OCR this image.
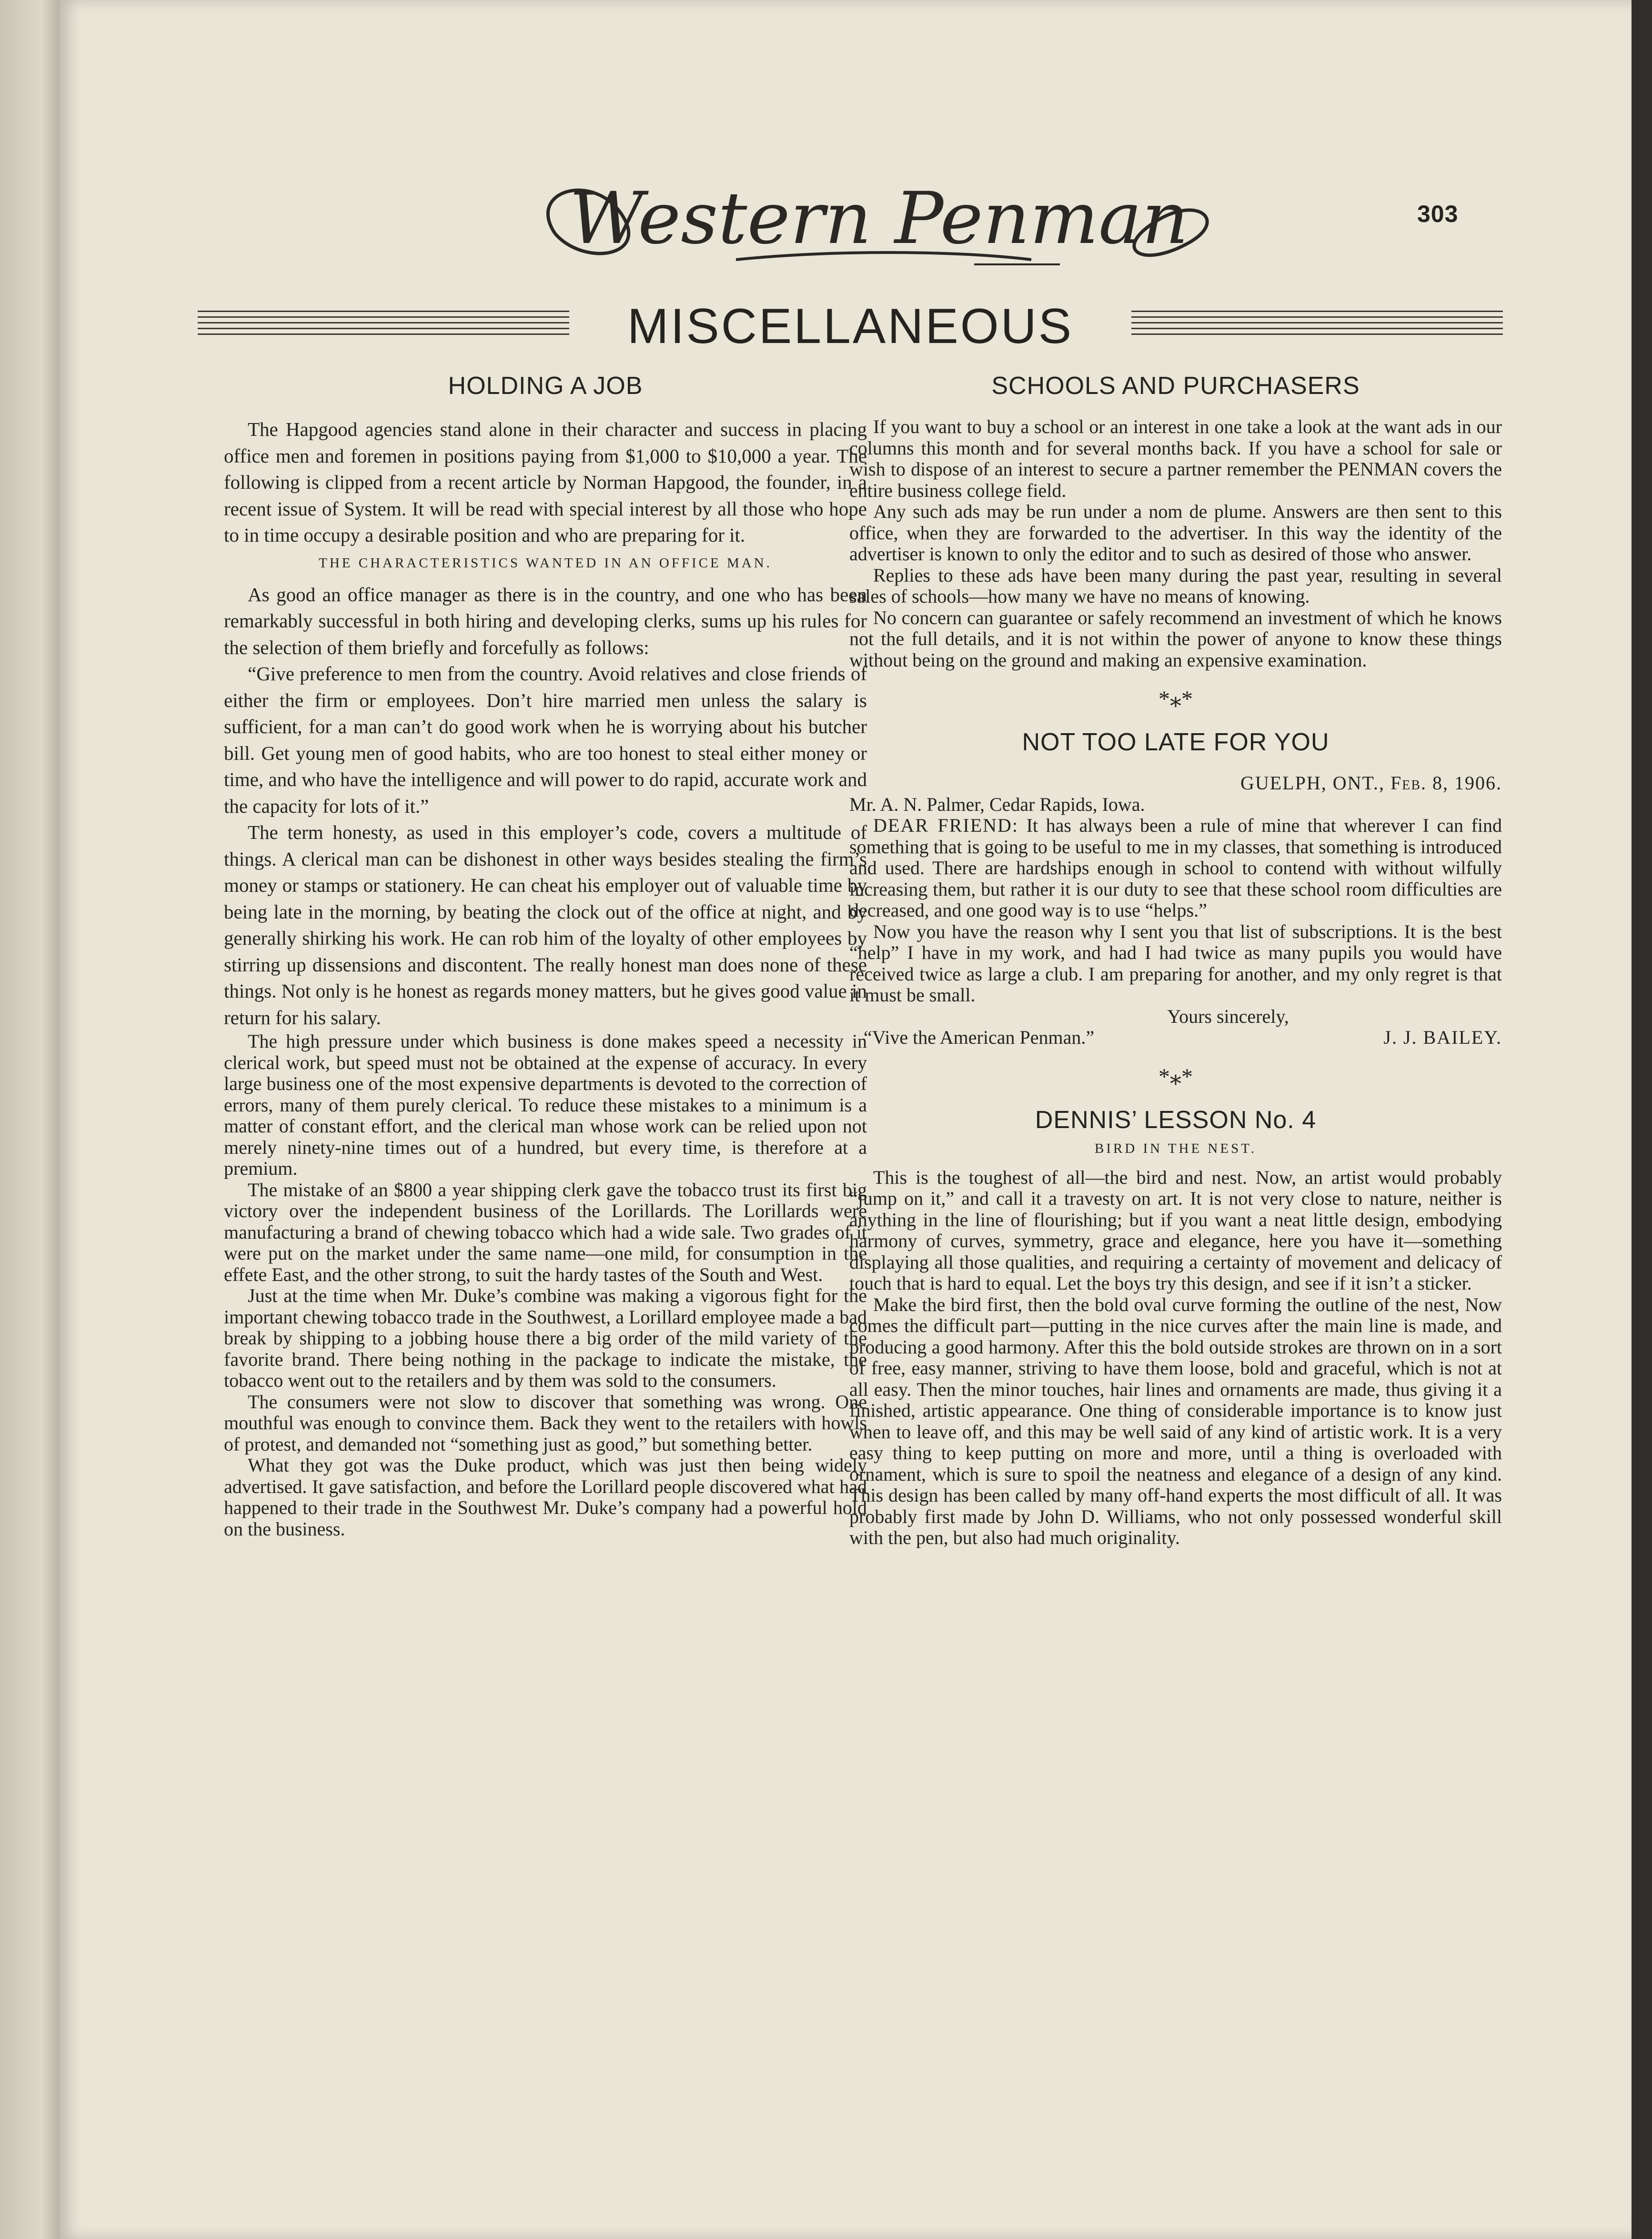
Western Penman	303
MISCELLANEOUS
HOLDING A JOB

The Hapgood agencies stand alone in their character and success in placing office men and foremen in positions paying from $1,000 to $10,000 a year. The following is clipped from a recent article by Norman Hapgood, the founder, in a recent issue of System. It will be read with special interest by all those who hope to in time occupy a desirable position and who are preparing for it.

THE CHARACTERISTICS WANTED IN AN OFFICE MAN.

As good an office manager as there is in the country, and one who has been remarkably successful in both hiring and developing clerks, sums up his rules for the selection of them briefly and forcefully as follows:

“Give preference to men from the country. Avoid relatives and close friends of either the firm or employees. Don’t hire married men unless the salary is sufficient, for a man can’t do good work when he is worrying about his butcher bill. Get young men of good habits, who are too honest to steal either money or time, and who have the intelligence and will power to do rapid, accurate work and the capacity for lots of it.”

The term honesty, as used in this employer’s code, covers a multitude of things. A clerical man can be dishonest in other ways besides stealing the firm’s money or stamps or stationery. He can cheat his employer out of valuable time by being late in the morning, by beating the clock out of the office at night, and by generally shirking his work. He can rob him of the loyalty of other employees by stirring up dissensions and discontent. The really honest man does none of these things. Not only is he honest as regards money matters, but he gives good value in return for his salary.

The high pressure under which business is done makes speed a necessity in clerical work, but speed must not be obtained at the expense of accuracy. In every large business one of the most expensive departments is devoted to the correction of errors, many of them purely clerical. To reduce these mistakes to a minimum is a matter of constant effort, and the clerical man whose work can be relied upon not merely ninety-nine times out of a hundred, but every time, is therefore at a premium.

The mistake of an $800 a year shipping clerk gave the tobacco trust its first big victory over the independent business of the Lorillards. The Lorillards were manufacturing a brand of chewing tobacco which had a wide sale. Two grades of it were put on the market under the same name—one mild, for consumption in the effete East, and the other strong, to suit the hardy tastes of the South and West.

Just at the time when Mr. Duke’s combine was making a vigorous fight for the important chewing tobacco trade in the Southwest, a Lorillard employee made a bad break by shipping to a jobbing house there a big order of the mild variety of the favorite brand. There being nothing in the package to indicate the mistake, the tobacco went out to the retailers and by them was sold to the consumers.

The consumers were not slow to discover that something was wrong. One mouthful was enough to convince them. Back they went to the retailers with howls of protest, and demanded not “something just as good,” but something better.

What they got was the Duke product, which was just then being widely advertised. It gave satisfaction, and before the Lorillard people discovered what had happened to their trade in the Southwest Mr. Duke’s company had a powerful hold on the business.

SCHOOLS AND PURCHASERS

If you want to buy a school or an interest in one take a look at the want ads in our columns this month and for several months back. If you have a school for sale or wish to dispose of an interest to secure a partner remember the PENMAN covers the entire business college field.

Any such ads may be run under a nom de plume. Answers are then sent to this office, when they are forwarded to the advertiser. In this way the identity of the advertiser is known to only the editor and to such as desired of those who answer.

Replies to these ads have been many during the past year, resulting in several sales of schools—how many we have no means of knowing.

No concern can guarantee or safely recommend an investment of which he knows not the full details, and it is not within the power of anyone to know these things without being on the ground and making an expensive examination.

*⁎*
NOT TOO LATE FOR YOU
GUELPH, ONT., Feb. 8, 1906.

Mr. A. N. Palmer, Cedar Rapids, Iowa.

DEAR FRIEND: It has always been a rule of mine that wherever I can find something that is going to be useful to me in my classes, that something is introduced and used. There are hardships enough in school to contend with without wilfully increasing them, but rather it is our duty to see that these school room difficulties are decreased, and one good way is to use “helps.”

Now you have the reason why I sent you that list of subscriptions. It is the best “help” I have in my work, and had I had twice as many pupils you would have received twice as large a club. I am preparing for another, and my only regret is that it must be small.

Yours sincerely,
“Vive the American Penman.”	J. J. BAILEY.
*⁎*
DENNIS’ LESSON No. 4
BIRD IN THE NEST.

This is the toughest of all—the bird and nest. Now, an artist would probably “jump on it,” and call it a travesty on art. It is not very close to nature, neither is anything in the line of flourishing; but if you want a neat little design, embodying harmony of curves, symmetry, grace and elegance, here you have it—something displaying all those qualities, and requiring a certainty of movement and delicacy of touch that is hard to equal. Let the boys try this design, and see if it isn’t a sticker.

Make the bird first, then the bold oval curve forming the outline of the nest, Now comes the difficult part—putting in the nice curves after the main line is made, and producing a good harmony. After this the bold outside strokes are thrown on in a sort of free, easy manner, striving to have them loose, bold and graceful, which is not at all easy. Then the minor touches, hair lines and ornaments are made, thus giving it a finished, artistic appearance. One thing of considerable importance is to know just when to leave off, and this may be well said of any kind of artistic work. It is a very easy thing to keep putting on more and more, until a thing is overloaded with ornament, which is sure to spoil the neatness and elegance of a design of any kind. This design has been called by many off-hand experts the most difficult of all. It was probably first made by John D. Williams, who not only possessed wonderful skill with the pen, but also had much originality.
